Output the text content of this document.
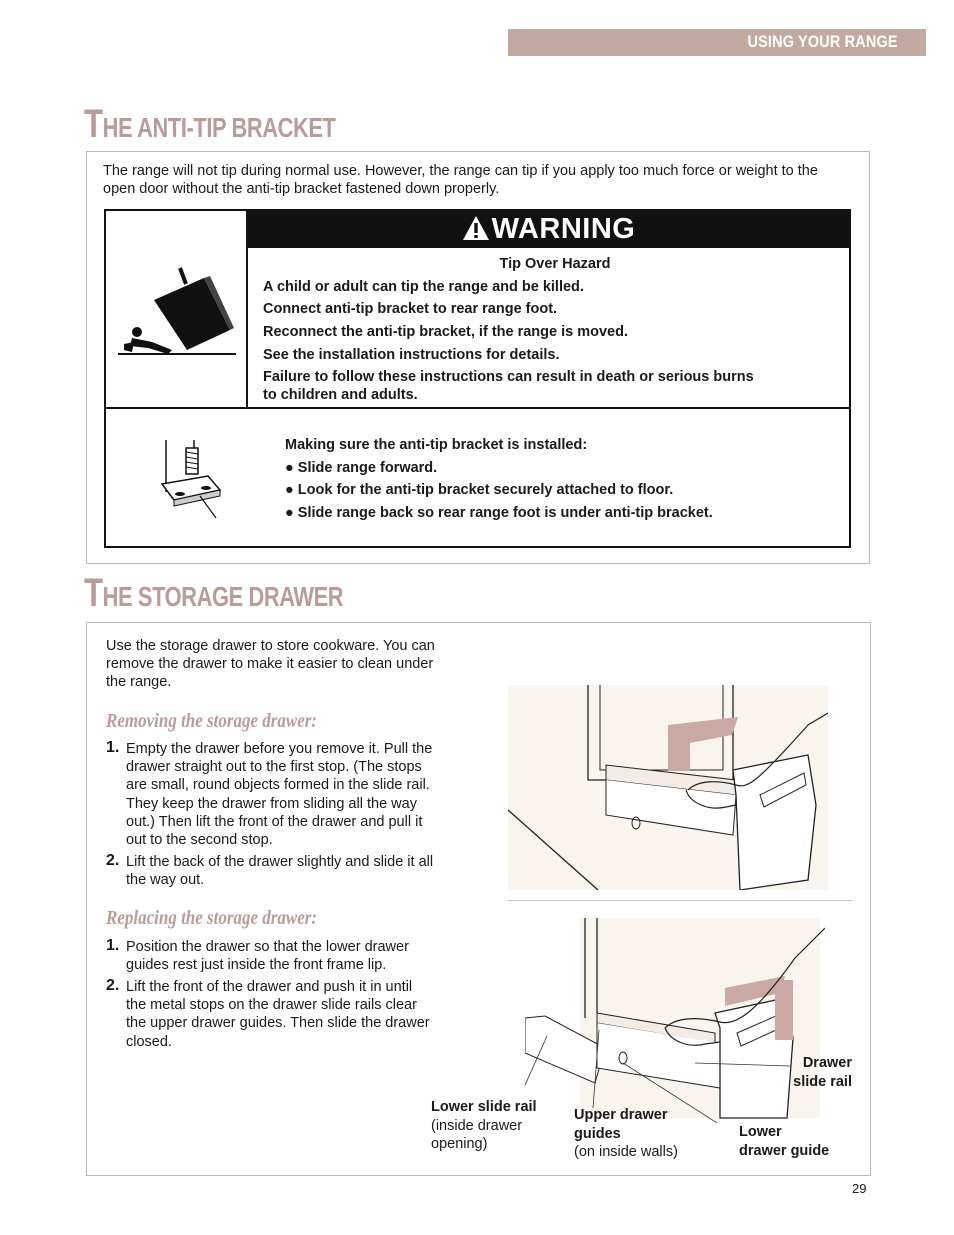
USING YOUR RANGE
THE ANTI-TIP BRACKET
The range will not tip during normal use. However, the range can tip if you apply too much force or weight to the open door without the anti-tip bracket fastened down properly.
WARNING
Tip Over Hazard
A child or adult can tip the range and be killed.
Connect anti-tip bracket to rear range foot.
Reconnect the anti-tip bracket, if the range is moved.
See the installation instructions for details.
Failure to follow these instructions can result in death or serious burns
to children and adults.
Making sure the anti-tip bracket is installed:
● Slide range forward.
● Look for the anti-tip bracket securely attached to floor.
● Slide range back so rear range foot is under anti-tip bracket.
THE STORAGE DRAWER
Use the storage drawer to store cookware. You can
remove the drawer to make it easier to clean under
the range.
Removing the storage drawer:
1. Empty the drawer before you remove it. Pull the
drawer straight out to the first stop. (The stops
are small, round objects formed in the slide rail.
They keep the drawer from sliding all the way
out.) Then lift the front of the drawer and pull it
out to the second stop.
2. Lift the back of the drawer slightly and slide it all
the way out.
Replacing the storage drawer:
1. Position the drawer so that the lower drawer
guides rest just inside the front frame lip.
2. Lift the front of the drawer and push it in until
the metal stops on the drawer slide rails clear
the upper drawer guides. Then slide the drawer
closed.
Drawer
slide rail
Lower slide rail
(inside drawer
opening)
Upper drawer
guides
(on inside walls)
Lower
drawer guide
29
